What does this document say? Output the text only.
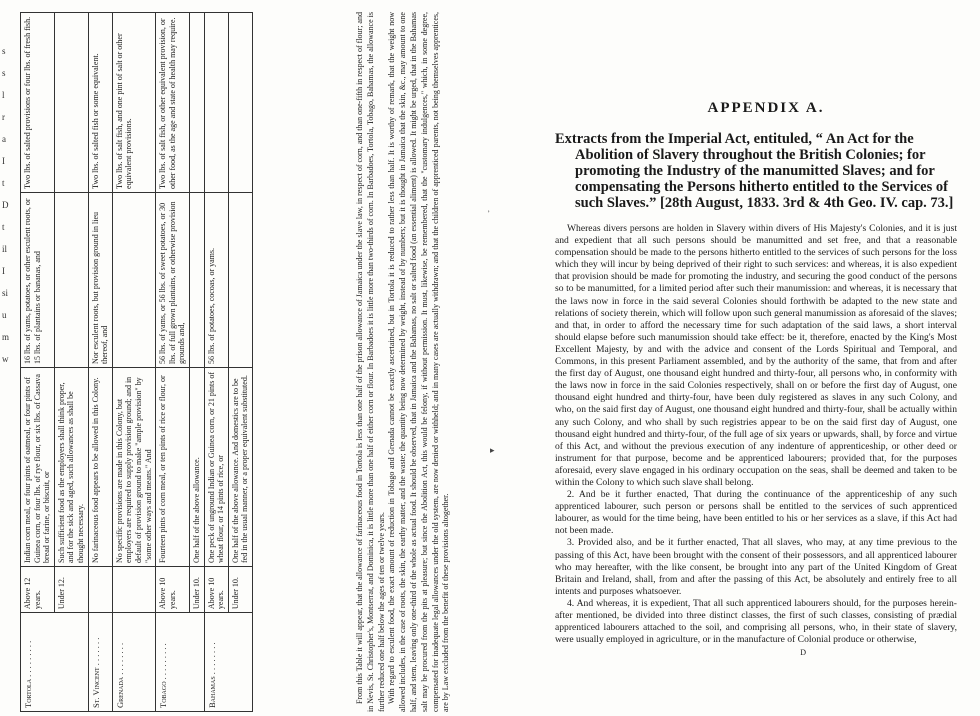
s
s
l
r
a
I
t
D
t
il
I
si
u
m
w
Tortola . . . . . . . . .	Above 12 years.	Indian corn meal, or four pints of oatmeal, or four pints of Guinea corn, or four lbs. of rye flour, or six lbs. of Cassava bread or farine, or biscuit, or	16 lbs. of yams, potatoes, or other esculent roots, or 15 lbs. of plantains or bananas, and	Two lbs. of salted provisions or four lbs. of fresh fish.
	Under 12.	Such sufficient food as the employers shall think proper, and for the sick and aged, such allowances as shall be thought necessary.		
St. Vincent . . . . . . .		No farinaceous food appears to be allowed in this Colony.	Nor esculent roots, but provision ground in lieu thereof, and	Two lbs. of salted fish or some equivalent.
Grenada . . . . . . . .		No specific provisions are made in this Colony, but employers are required to supply provision ground; and in default of provision ground to make "ample provision" by "some other ways and means." And		Two lbs. of salt fish, and one pint of salt or other equivalent provisions.
Tobago . . . . . . . . .	Above 10 years.	Fourteen pints of corn meal, or ten pints of rice or flour, or	56 lbs. of yams, or 56 lbs. of sweet potatoes, or 30 lbs. of full grown plantains, or otherwise provision grounds and,	Two lbs. of salt fish, or other equivalent provision, or other food, as the age and state of health may require.
	Under 10.	One half of the above allowance.		
Bahamas . . . . . . . .	Above 10 years.	One peck of unground Indian or Guinea corn, or 21 pints of wheat flour, or 14 pints of rice, or	56 lbs. of potatoes, cocoas, or yams.	
	Under 10.	One half of the above allowance. And domestics are to be fed in the usual manner, or a proper equivalent substituted.			From this Table it will appear, that the allowance of farinaceous food in Tortola is less than one half of the prison allowance of Jamaica under the slave law, in respect of corn, and than one-fifth in respect of flour; and in Nevis, St. Christopher's, Montserrat, and Dominica, it is little more than one half of either corn or flour. In Barbadoes it is little more than two-thirds of corn. In Barbadoes, Tortola, Tobago, Bahamas, the allowance is further reduced one half below the ages of ten or twelve years. With regard to esculent food, the exact amount of reduction in Tobago and Grenada cannot be exactly ascertained, but in Tortola it is reduced to rather less than half. It is worthy of remark, that the weight now allowed includes, in the case of roots, the skin, the earthy matter, and the waste; the quantity being now determined by weight, instead of by numbers; but it is thought in Jamaica that the skin, &c., may amount to one half, and stem, leaving only one-third of the whole as actual food. It should be observed, that in Jamaica and the Bahamas, no salt or salted food (an essential aliment) is allowed. It might be urged, that in the Bahamas salt may be procured from the pits at pleasure; but since the Abolition Act, this would be felony, if without permission. It must, likewise, be remembered, that the "customary indulgences," which, in some degree, compensated for inadequate legal allowances under the old system, are now denied or withheld; and in many cases are actually withdrawn; and that the children of apprenticed parents, not being themselves apprentices, are by Law excluded from the benefit of these provisions altogether.
᾿
▸
APPENDIX A.
Extracts from the Imperial Act, entituled, “ An Act for the Abolition of Slavery throughout the British Colonies; for promoting the Industry of the manumitted Slaves; and for compensating the Persons hitherto entitled to the Services of such Slaves.” [28th August, 1833. 3rd & 4th Geo. IV. cap. 73.]

Whereas divers persons are holden in Slavery within divers of His Majesty's Colonies, and it is just and expedient that all such persons should be manumitted and set free, and that a reasonable compensation should be made to the persons hitherto entitled to the services of such persons for the loss which they will incur by being deprived of their right to such services: and whereas, it is also expedient that provision should be made for promoting the industry, and securing the good conduct of the persons so to be manumitted, for a limited period after such their manumission: and whereas, it is necessary that the laws now in force in the said several Colonies should forthwith be adapted to the new state and relations of society therein, which will follow upon such general manumission as aforesaid of the slaves; and that, in order to afford the necessary time for such adaptation of the said laws, a short interval should elapse before such manumission should take effect: be it, therefore, enacted by the King's Most Excellent Majesty, by and with the advice and consent of the Lords Spiritual and Temporal, and Commons, in this present Parliament assembled, and by the authority of the same, that from and after the first day of August, one thousand eight hundred and thirty-four, all persons who, in conformity with the laws now in force in the said Colonies respectively, shall on or before the first day of August, one thousand eight hundred and thirty-four, have been duly registered as slaves in any such Colony, and who, on the said first day of August, one thousand eight hundred and thirty-four, shall be actually within any such Colony, and who shall by such registries appear to be on the said first day of August, one thousand eight hundred and thirty-four, of the full age of six years or upwards, shall, by force and virtue of this Act, and without the previous execution of any indenture of apprenticeship, or other deed or instrument for that purpose, become and be apprenticed labourers; provided that, for the purposes aforesaid, every slave engaged in his ordinary occupation on the seas, shall be deemed and taken to be within the Colony to which such slave shall belong.

2. And be it further enacted, That during the continuance of the apprenticeship of any such apprenticed labourer, such person or persons shall be entitled to the services of such apprenticed labourer, as would for the time being, have been entitled to his or her services as a slave, if this Act had not been made.

3. Provided also, and be it further enacted, That all slaves, who may, at any time previous to the passing of this Act, have been brought with the consent of their possessors, and all apprenticed labourer who may hereafter, with the like consent, be brought into any part of the United Kingdom of Great Britain and Ireland, shall, from and after the passing of this Act, be absolutely and entirely free to all intents and purposes whatsoever.

4. And whereas, it is expedient, That all such apprenticed labourers should, for the purposes herein-after mentioned, be divided into three distinct classes, the first of such classes, consisting of prædial apprenticed labourers attached to the soil, and comprising all persons, who, in their state of slavery, were usually employed in agriculture, or in the manufacture of Colonial produce or otherwise,

D
